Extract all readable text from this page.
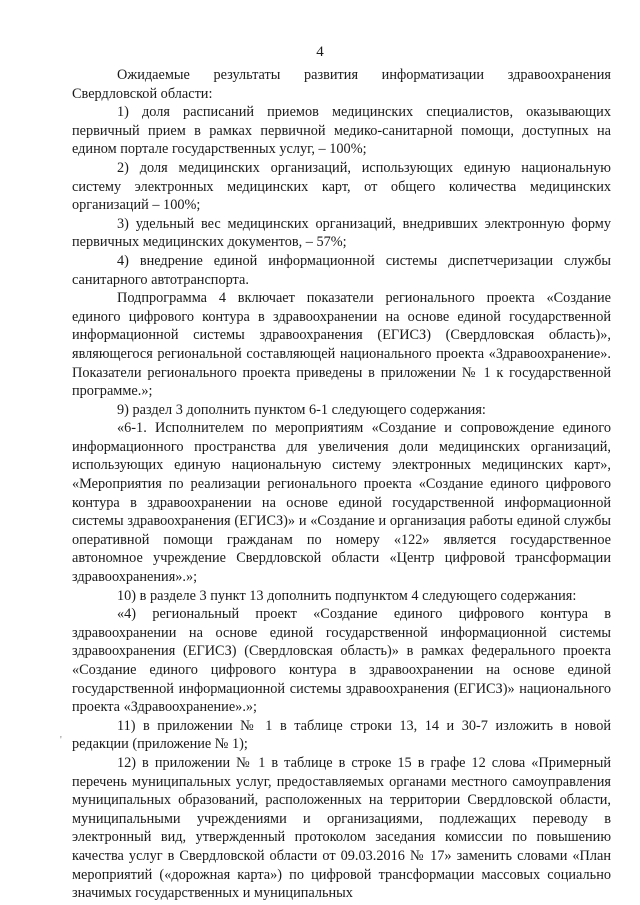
4
'

Ожидаемые результаты развития информатизации здравоохранения Свердловской области:

1) доля расписаний приемов медицинских специалистов, оказывающих первичный прием в рамках первичной медико-санитарной помощи, доступных на едином портале государственных услуг, – 100%;

2) доля медицинских организаций, использующих единую национальную систему электронных медицинских карт, от общего количества медицинских организаций – 100%;

3) удельный вес медицинских организаций, внедривших электронную форму первичных медицинских документов, – 57%;

4) внедрение единой информационной системы диспетчеризации службы санитарного автотранспорта.

Подпрограмма 4 включает показатели регионального проекта «Создание единого цифрового контура в здравоохранении на основе единой государственной информационной системы здравоохранения (ЕГИСЗ) (Свердловская область)», являющегося региональной составляющей национального проекта «Здравоохранение». Показатели регионального проекта приведены в приложении № 1 к государственной программе.»;

9) раздел 3 дополнить пунктом 6-1 следующего содержания:

«6-1. Исполнителем по мероприятиям «Создание и сопровождение единого информационного пространства для увеличения доли медицинских организаций, использующих единую национальную систему электронных медицинских карт», «Мероприятия по реализации регионального проекта «Создание единого цифрового контура в здравоохранении на основе единой государственной информационной системы здравоохранения (ЕГИСЗ)» и «Создание и организация работы единой службы оперативной помощи гражданам по номеру «122» является государственное автономное учреждение Свердловской области «Центр цифровой трансформации здравоохранения».»;

10) в разделе 3 пункт 13 дополнить подпунктом 4 следующего содержания:

«4) региональный проект «Создание единого цифрового контура в здравоохранении на основе единой государственной информационной системы здравоохранения (ЕГИСЗ) (Свердловская область)» в рамках федерального проекта «Создание единого цифрового контура в здравоохранении на основе единой государственной информационной системы здравоохранения (ЕГИСЗ)» национального проекта «Здравоохранение».»;

11) в приложении № 1 в таблице строки 13, 14 и 30-7 изложить в новой редакции (приложение № 1);

12) в приложении № 1 в таблице в строке 15 в графе 12 слова «Примерный перечень муниципальных услуг, предоставляемых органами местного самоуправления муниципальных образований, расположенных на территории Свердловской области, муниципальными учреждениями и организациями, подлежащих переводу в электронный вид, утвержденный протоколом заседания комиссии по повышению качества услуг в Свердловской области от 09.03.2016 № 17» заменить словами «План мероприятий («дорожная карта») по цифровой трансформации массовых социально значимых государственных и муниципальных
